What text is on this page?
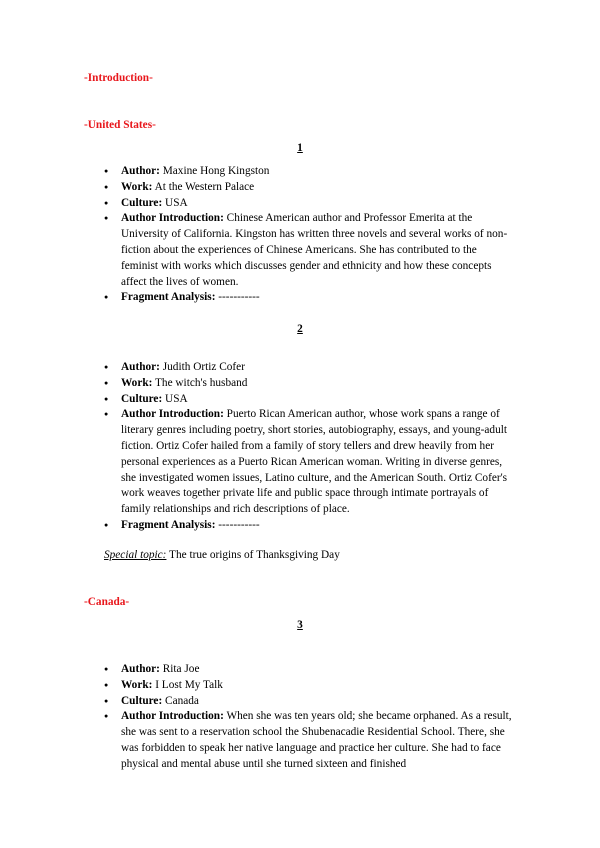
-Introduction-
-United States-
1
● Author: Maxine Hong Kingston
● Work: At the Western Palace
● Culture: USA
● Author Introduction: Chinese American author and Professor Emerita at the University of California. Kingston has written three novels and several works of non-fiction about the experiences of Chinese Americans. She has contributed to the feminist with works which discusses gender and ethnicity and how these concepts affect the lives of women.
● Fragment Analysis: -----------
2
● Author: Judith Ortiz Cofer
● Work: The witch's husband
● Culture: USA
● Author Introduction: Puerto Rican American author, whose work spans a range of literary genres including poetry, short stories, autobiography, essays, and young-adult fiction. Ortiz Cofer hailed from a family of story tellers and drew heavily from her personal experiences as a Puerto Rican American woman. Writing in diverse genres, she investigated women issues, Latino culture, and the American South. Ortiz Cofer's work weaves together private life and public space through intimate portrayals of family relationships and rich descriptions of place.
● Fragment Analysis: -----------
Special topic: The true origins of Thanksgiving Day
-Canada-
3
● Author: Rita Joe
● Work: I Lost My Talk
● Culture: Canada
● Author Introduction: When she was ten years old; she became orphaned. As a result, she was sent to a reservation school the Shubenacadie Residential School. There, she was forbidden to speak her native language and practice her culture. She had to face physical and mental abuse until she turned sixteen and finished
